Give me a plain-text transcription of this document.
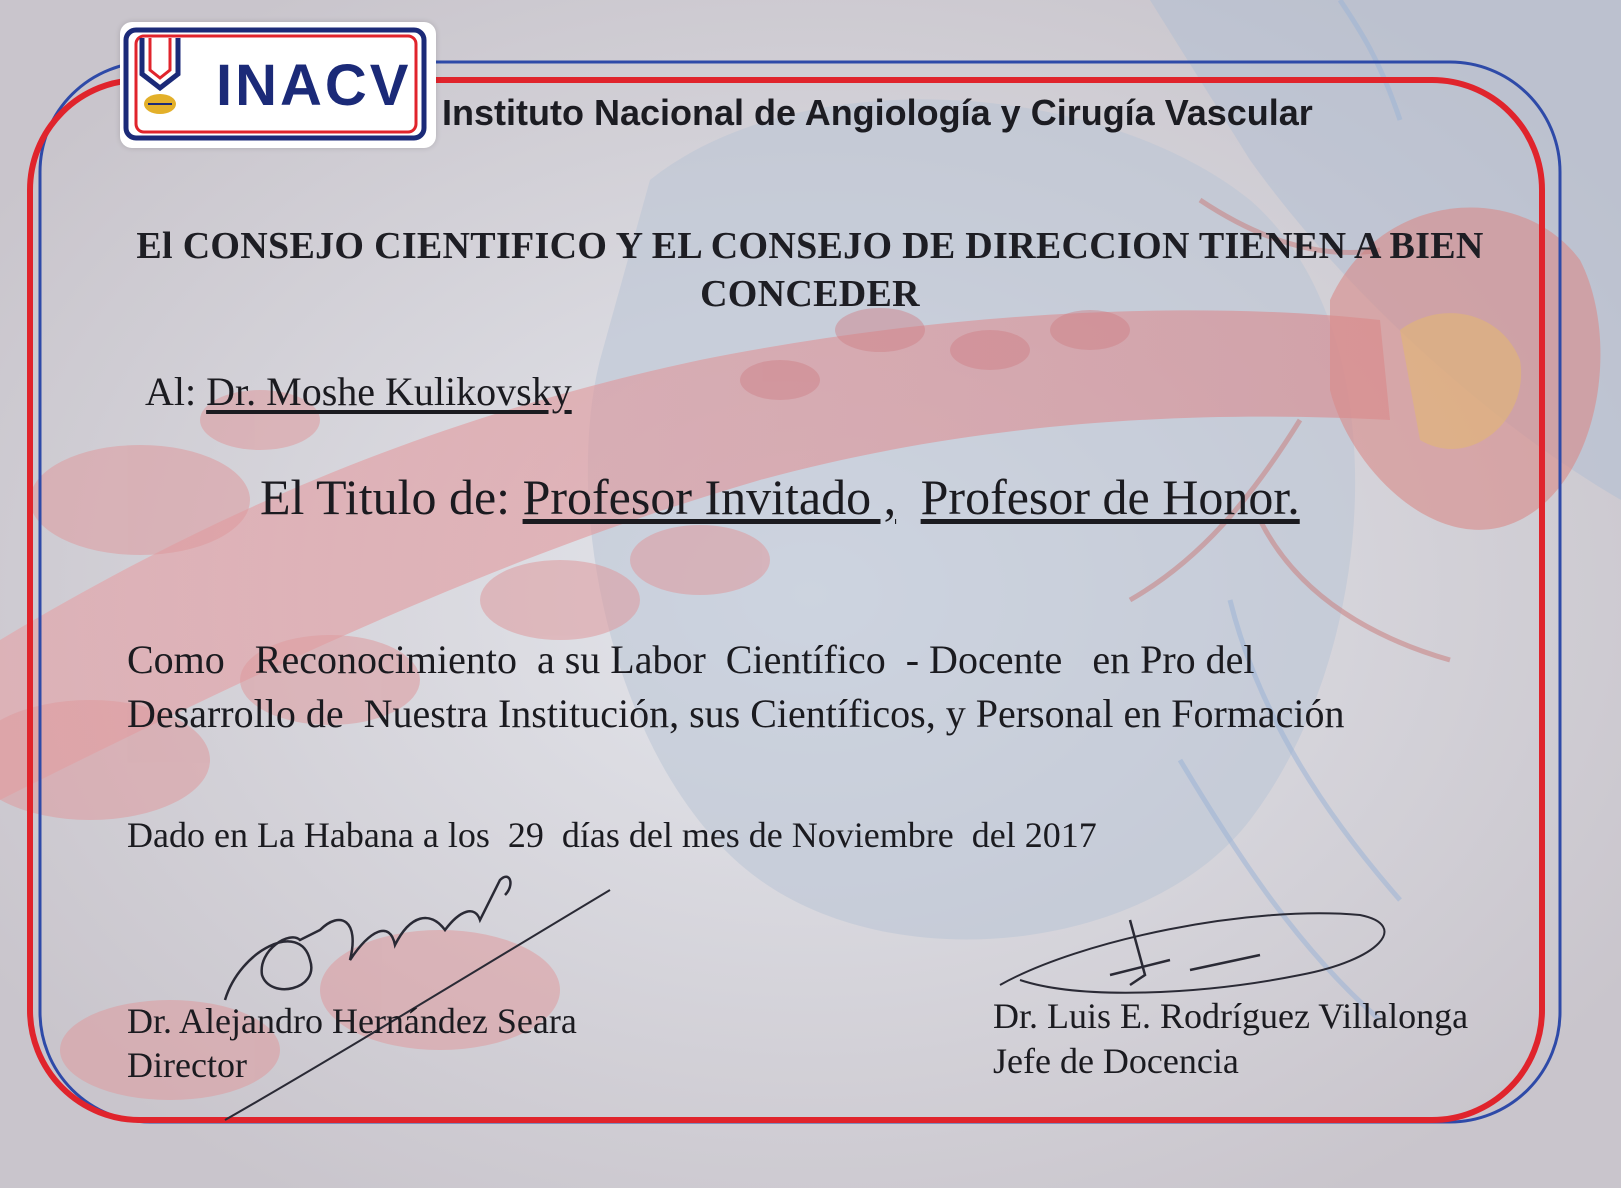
INACV Instituto Nacional de Angiología y Cirugía Vascular
El CONSEJO CIENTIFICO Y EL CONSEJO DE DIRECCION TIENEN A BIEN
CONCEDER
Al: Dr. Moshe Kulikovsky
El Titulo de: Profesor Invitado , Profesor de Honor.
Como   Reconocimiento  a su Labor  Científico  - Docente   en Pro del
Desarrollo de  Nuestra Institución, sus Científicos, y Personal en Formación
Dado en La Habana a los  29  días del mes de Noviembre  del 2017
Dr. Alejandro Hernández Seara
Director
Dr. Luis E. Rodríguez Villalonga
Jefe de Docencia
